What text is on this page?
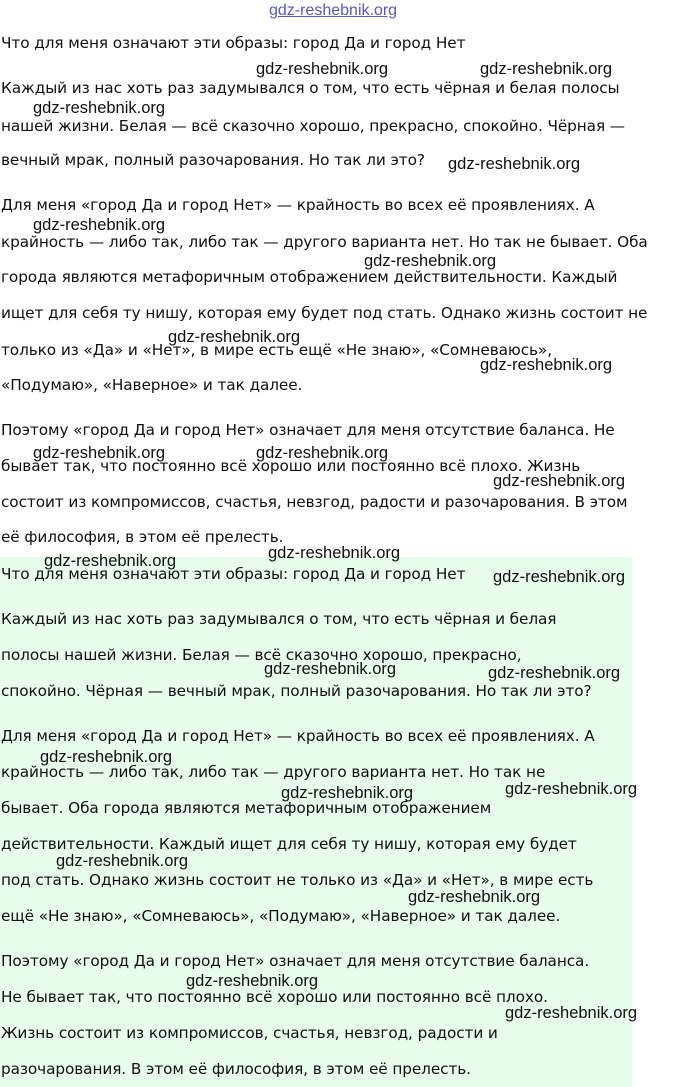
gdz-reshebnik.org
Что для меня означают эти образы: город Да и город Нет
Каждый из нас хоть раз задумывался о том, что есть чёрная и белая полосы
нашей жизни. Белая — всё сказочно хорошо, прекрасно, спокойно. Чёрная —
вечный мрак, полный разочарования. Но так ли это?
Для меня «город Да и город Нет» — крайность во всех её проявлениях. А
крайность — либо так, либо так — другого варианта нет. Но так не бывает. Оба
города являются метафоричным отображением действительности. Каждый
ищет для себя ту нишу, которая ему будет под стать. Однако жизнь состоит не
только из «Да» и «Нет», в мире есть ещё «Не знаю», «Сомневаюсь»,
«Подумаю», «Наверное» и так далее.
Поэтому «город Да и город Нет» означает для меня отсутствие баланса. Не
бывает так, что постоянно всё хорошо или постоянно всё плохо. Жизнь
состоит из компромиссов, счастья, невзгод, радости и разочарования. В этом
её философия, в этом её прелесть.
Что для меня означают эти образы: город Да и город Нет
Каждый из нас хоть раз задумывался о том, что есть чёрная и белая
полосы нашей жизни. Белая — всё сказочно хорошо, прекрасно,
спокойно. Чёрная — вечный мрак, полный разочарования. Но так ли это?
Для меня «город Да и город Нет» — крайность во всех её проявлениях. А
крайность — либо так, либо так — другого варианта нет. Но так не
бывает. Оба города являются метафоричным отображением
действительности. Каждый ищет для себя ту нишу, которая ему будет
под стать. Однако жизнь состоит не только из «Да» и «Нет», в мире есть
ещё «Не знаю», «Сомневаюсь», «Подумаю», «Наверное» и так далее.
Поэтому «город Да и город Нет» означает для меня отсутствие баланса.
Не бывает так, что постоянно всё хорошо или постоянно всё плохо.
Жизнь состоит из компромиссов, счастья, невзгод, радости и
разочарования. В этом её философия, в этом её прелесть.
gdz-reshebnik.org	gdz-reshebnik.org
gdz-reshebnik.org
gdz-reshebnik.org
gdz-reshebnik.org
gdz-reshebnik.org
gdz-reshebnik.org
gdz-reshebnik.org
gdz-reshebnik.org	gdz-reshebnik.org
gdz-reshebnik.org
gdz-reshebnik.org
gdz-reshebnik.org
gdz-reshebnik.org
gdz-reshebnik.org	gdz-reshebnik.org
gdz-reshebnik.org
gdz-reshebnik.org	gdz-reshebnik.org
gdz-reshebnik.org
gdz-reshebnik.org
gdz-reshebnik.org
gdz-reshebnik.org
